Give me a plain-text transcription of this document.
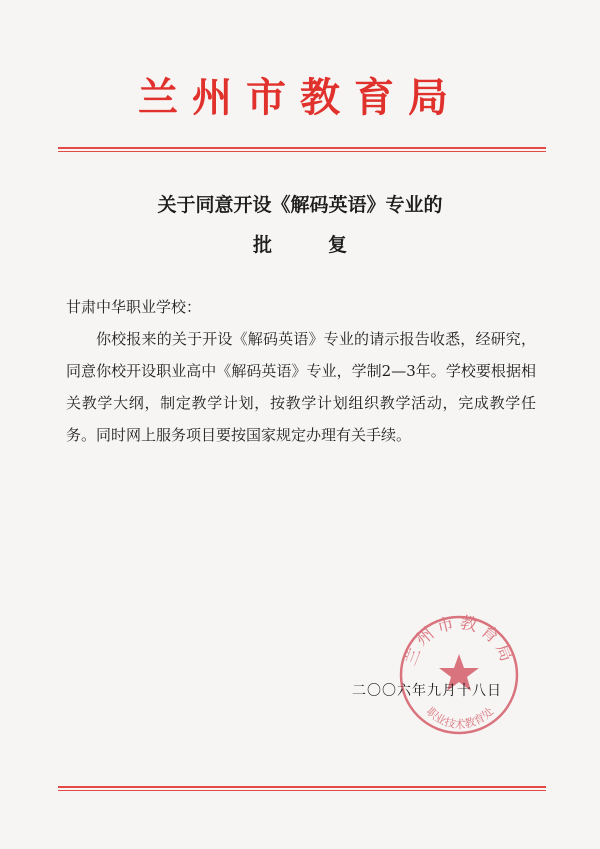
兰州市教育局
关于同意开设《解码英语》专业的
批	复
甘肃中华职业学校：

你校报来的关于开设《解码英语》专业的请示报告收悉，经研究，同意你校开设职业高中《解码英语》专业，学制2—3年。学校要根据相关教学大纲，制定教学计划，按教学计划组织教学活动，完成教学任务。同时网上服务项目要按国家规定办理有关手续。

兰州市教育局
职业技术教育处
二〇〇六年九月十八日
